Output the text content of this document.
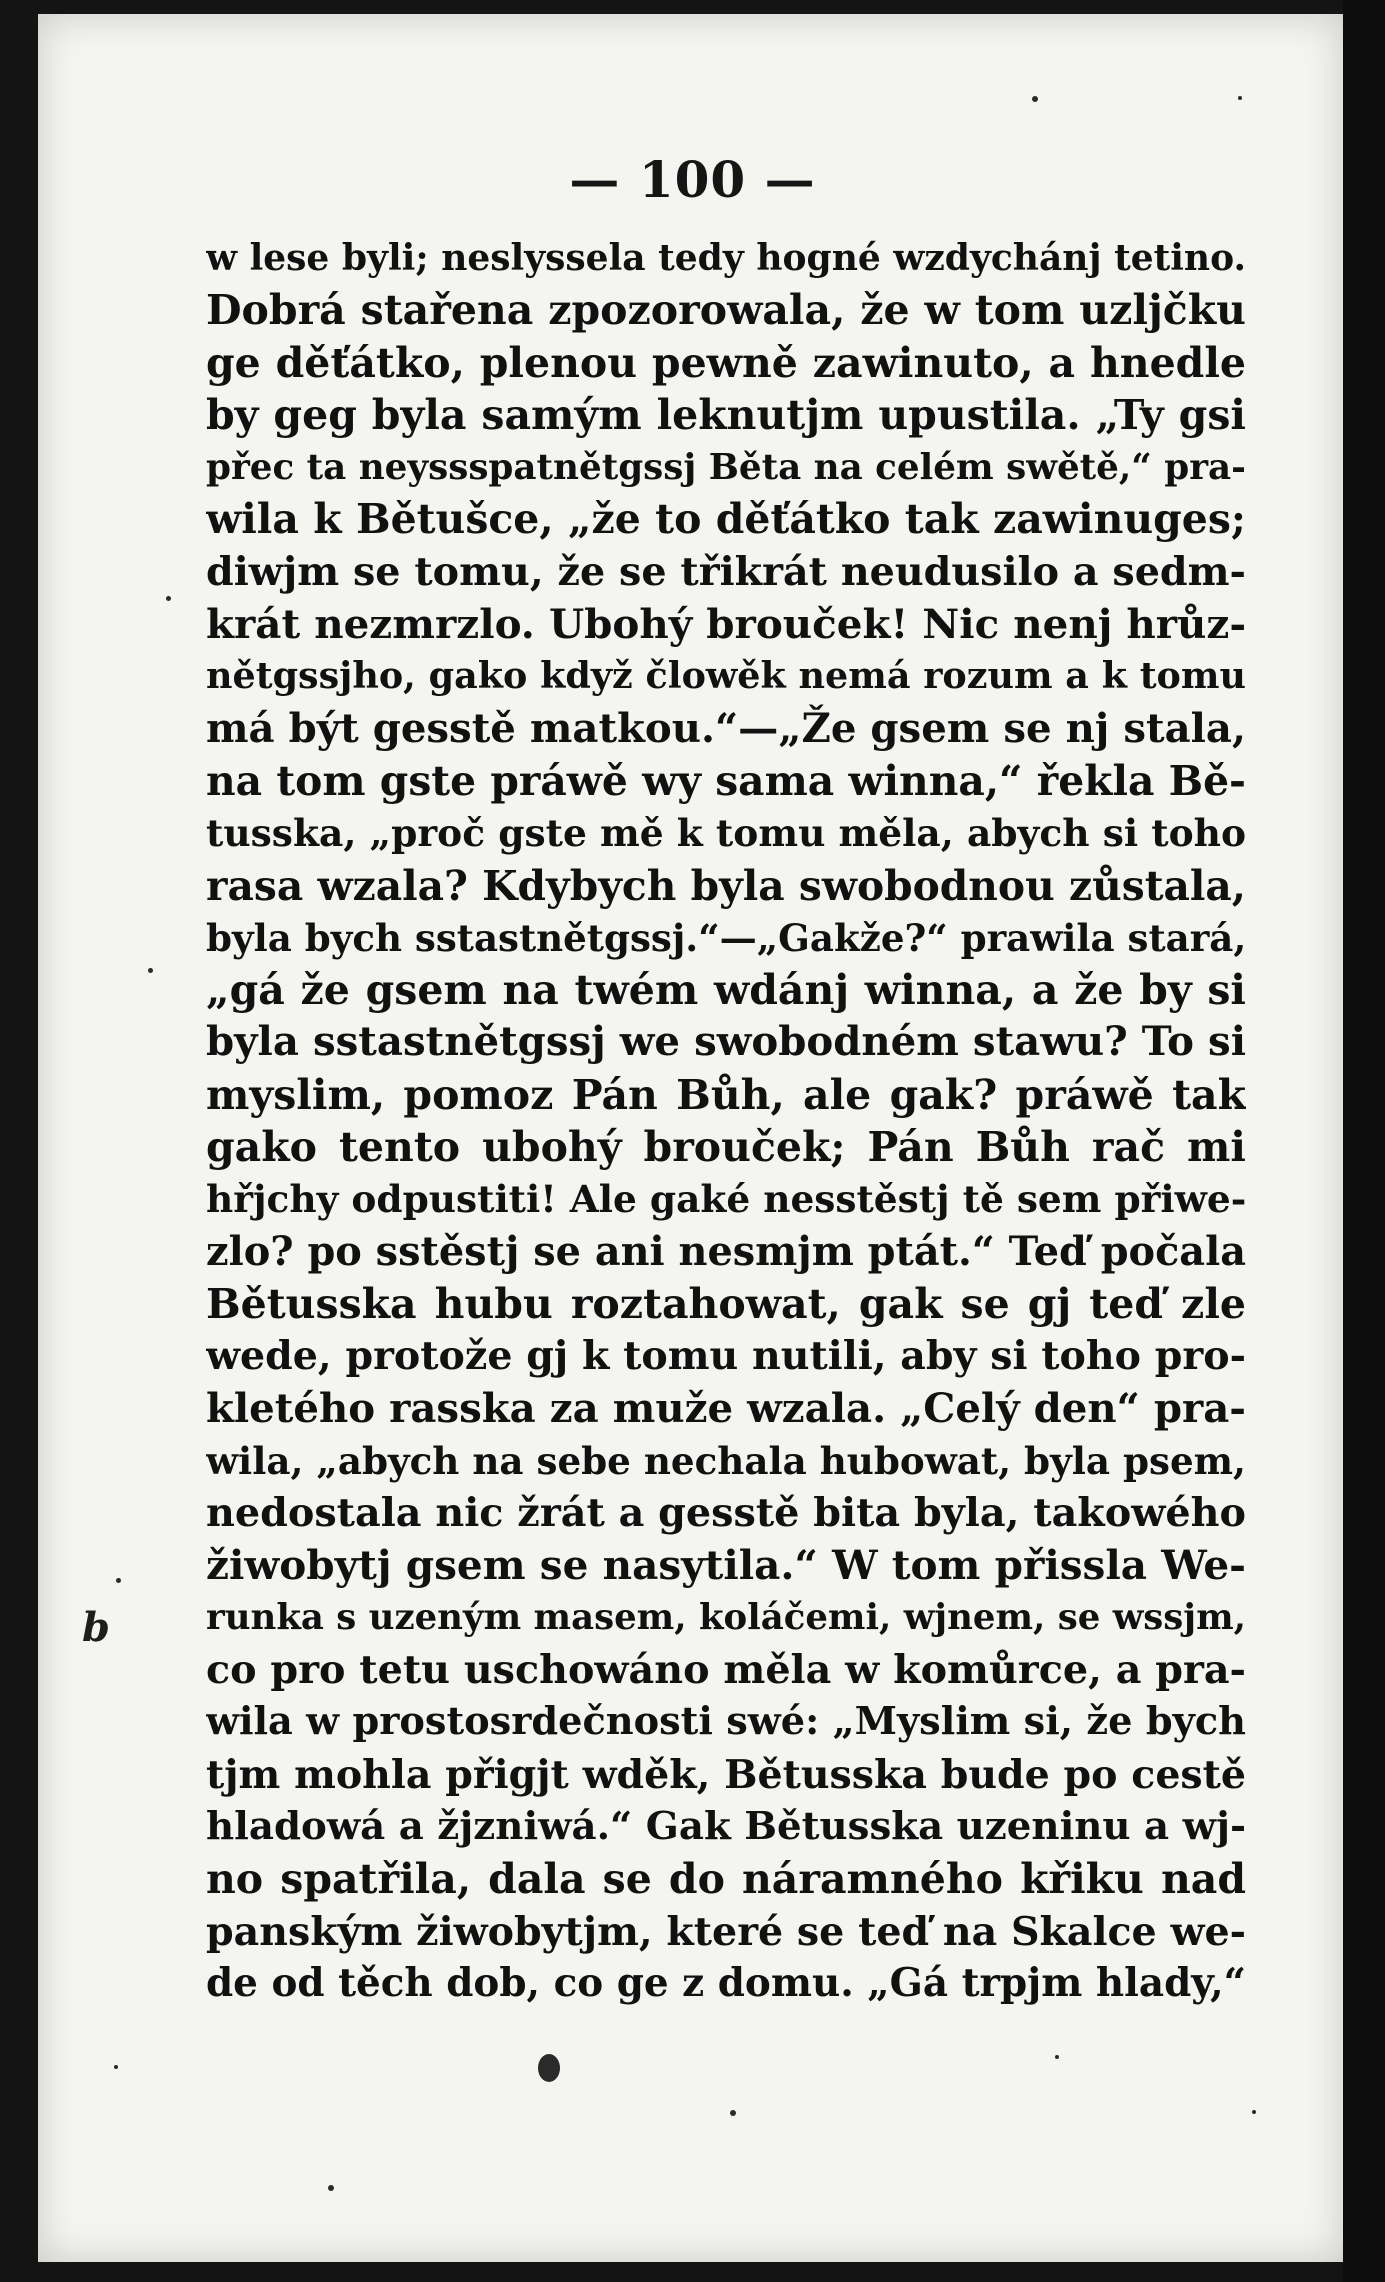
— 100 —
b
w lese byli; neslyssela tedy hogné wzdychánj tetino.
Dobrá stařena zpozorowala, že w tom uzljčku
ge děťátko, plenou pewně zawinuto, a hnedle
by geg byla samým leknutjm upustila. „Ty gsi
přec ta neyssspatnětgssj Běta na celém swětě,“ pra-
wila k Bětušce, „že to děťátko tak zawinuges;
diwjm se tomu, že se třikrát neudusilo a sedm-
krát nezmrzlo. Ubohý brouček! Nic nenj hrůz-
nětgssjho, gako když člowěk nemá rozum a k tomu
má být gesstě matkou.“—„Že gsem se nj stala,
na tom gste práwě wy sama winna,“ řekla Bě-
tusska, „proč gste mě k tomu měla, abych si toho
rasa wzala? Kdybych byla swobodnou zůstala,
byla bych sstastnětgssj.“—„Gakže?“ prawila stará,
„gá že gsem na twém wdánj winna, a že by si
byla sstastnětgssj we swobodném stawu? To si
myslim, pomoz Pán Bůh, ale gak? práwě tak
gako tento ubohý brouček; Pán Bůh rač mi
hřjchy odpustiti! Ale gaké nesstěstj tě sem přiwe-
zlo? po sstěstj se ani nesmjm ptát.“ Teď počala
Bětusska hubu roztahowat, gak se gj teď zle
wede, protože gj k tomu nutili, aby si toho pro-
kletého rasska za muže wzala. „Celý den“ pra-
wila, „abych na sebe nechala hubowat, byla psem,
nedostala nic žrát a gesstě bita byla, takowého
žiwobytj gsem se nasytila.“ W tom přissla We-
runka s uzeným masem, koláčemi, wjnem, se wssjm,
co pro tetu uschowáno měla w komůrce, a pra-
wila w prostosrdečnosti swé: „Myslim si, že bych
tjm mohla přigjt wděk, Bětusska bude po cestě
hladowá a žjzniwá.“ Gak Bětusska uzeninu a wj-
no spatřila, dala se do náramného křiku nad
panským žiwobytjm, které se teď na Skalce we-
de od těch dob, co ge z domu. „Gá trpjm hlady,“
